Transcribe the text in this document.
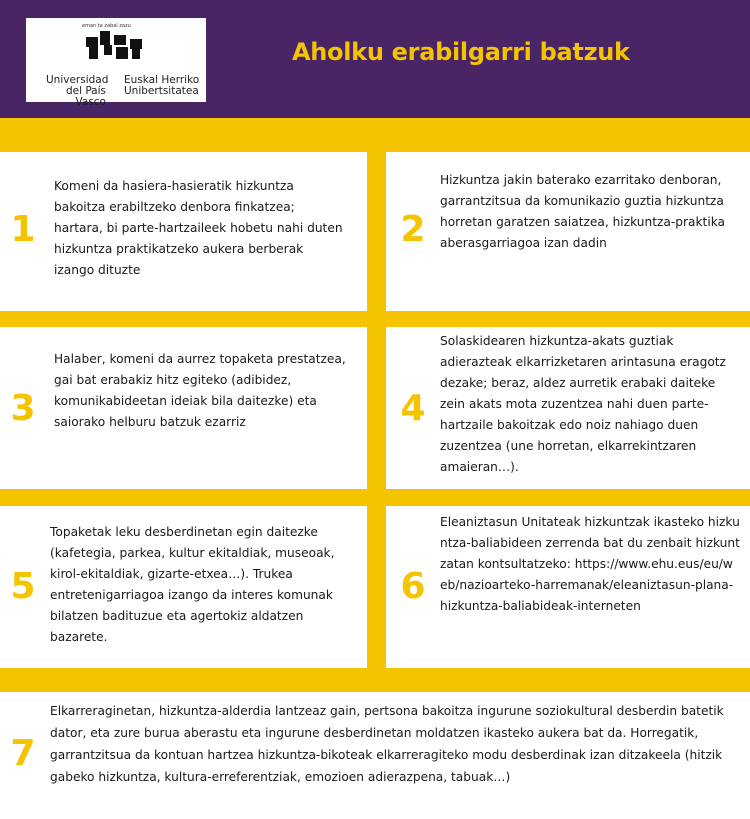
eman ta zabal zazu
Universidad del País Vasco
Euskal Herriko Unibertsitatea
Aholku erabilgarri batzuk
1
Komeni da hasiera-hasieratik hizkuntza bakoitza erabiltzeko denbora finkatzea; hartara, bi parte-hartzaileek hobetu nahi duten hizkuntza praktikatzeko aukera berberak izango dituzte
2
Hizkuntza jakin baterako ezarritako denboran, garrantzitsua da komunikazio guztia hizkuntza horretan garatzen saiatzea, hizkuntza-praktika aberasgarriagoa izan dadin
3
Halaber, komeni da aurrez topaketa prestatzea, gai bat erabakiz hitz egiteko (adibidez, komunikabideetan ideiak bila daitezke) eta saiorako helburu batzuk ezarriz	4
Solaskidearen hizkuntza-akats guztiak adierazteak elkarrizketaren arintasuna eragotz dezake; beraz, aldez aurretik erabaki daiteke zein akats mota zuzentzea nahi duen parte-hartzaile bakoitzak edo noiz nahiago duen zuzentzea (une horretan, elkarrekintzaren amaieran…).
5
Topaketak leku desberdinetan egin daitezke (kafetegia, parkea, kultur ekitaldiak, museoak, kirol-ekitaldiak, gizarte-etxea…). Trukea entretenigarriagoa izango da interes komunak bilatzen badituzue eta agertokiz aldatzen bazarete.
6
Eleaniztasun Unitateak hizkuntzak ikasteko hizkuntza-baliabideen zerrenda bat du zenbait hizkuntzatan kontsultatzeko: https://www.ehu.eus/eu/web/nazioarteko-harremanak/eleaniztasun-plana-hizkuntza-baliabideak-interneten
7
Elkarreraginetan, hizkuntza-alderdia lantzeaz gain, pertsona bakoitza ingurune soziokultural desberdin batetik dator, eta zure burua aberastu eta ingurune desberdinetan moldatzen ikasteko aukera bat da. Horregatik, garrantzitsua da kontuan hartzea hizkuntza-bikoteak elkarreragiteko modu desberdinak izan ditzakeela (hitzik gabeko hizkuntza, kultura-erreferentziak, emozioen adierazpena, tabuak…)
